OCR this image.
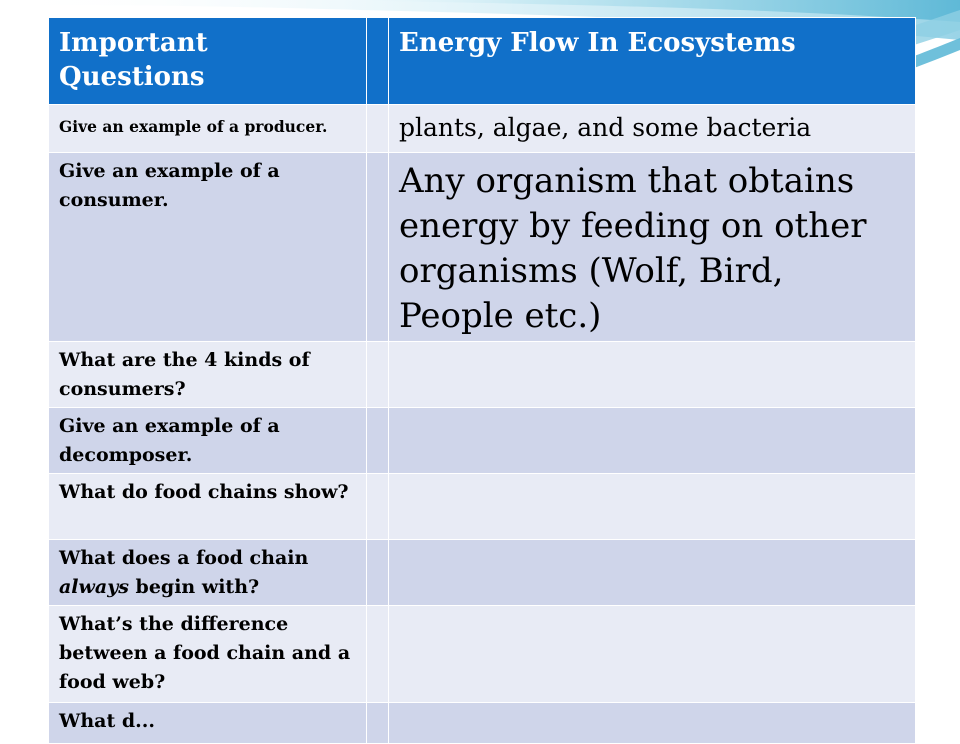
Important Questions		Energy Flow In Ecosystems

Give an example of a producer.		plants, algae, and some bacteria

Give an example of a consumer.		Any organism that obtains energy by feeding on other organisms (Wolf, Bird, People etc.)

What are the 4 kinds of consumers?		

Give an example of a decomposer.		

What do food chains show?		

What does a food chain always begin with?		

What’s the difference between a food chain and a food web?		

What d...		
